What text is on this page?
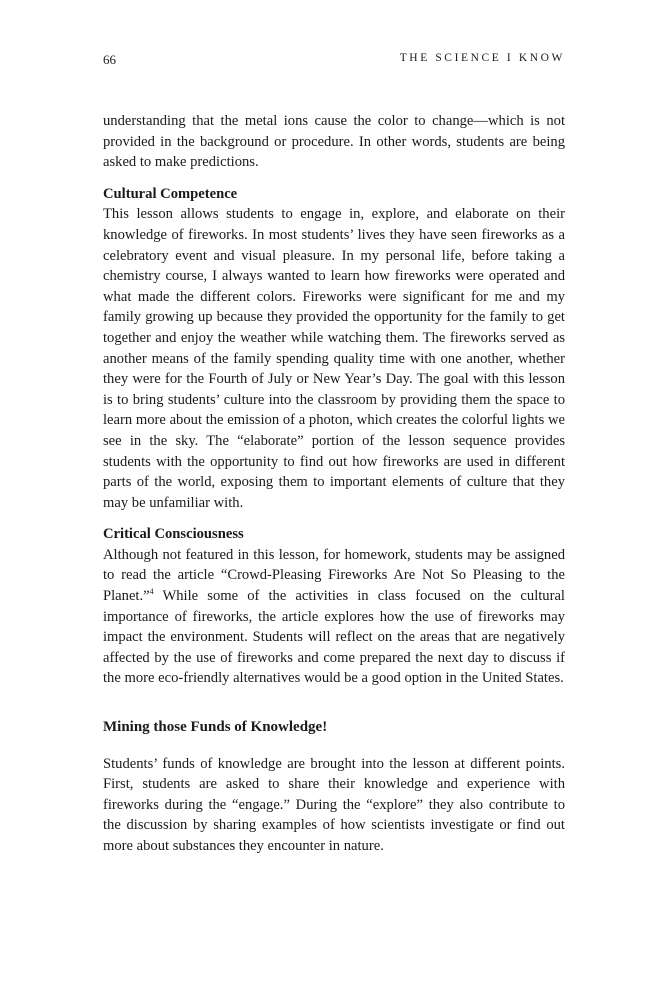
66	THE SCIENCE I KNOW

understanding that the metal ions cause the color to change—which is not provided in the background or procedure. In other words, students are being asked to make predictions.

Cultural Competence

This lesson allows students to engage in, explore, and elaborate on their knowledge of fireworks. In most students’ lives they have seen fireworks as a celebratory event and visual pleasure. In my personal life, before taking a chemistry course, I always wanted to learn how fireworks were operated and what made the different colors. Fireworks were significant for me and my family growing up because they provided the opportunity for the family to get together and enjoy the weather while watching them. The fireworks served as another means of the family spending quality time with one another, whether they were for the Fourth of July or New Year’s Day. The goal with this lesson is to bring students’ culture into the classroom by providing them the space to learn more about the emission of a photon, which creates the colorful lights we see in the sky. The “elaborate” portion of the lesson sequence provides students with the opportunity to find out how fireworks are used in different parts of the world, exposing them to important elements of culture that they may be unfamiliar with.

Critical Consciousness

Although not featured in this lesson, for homework, students may be assigned to read the article “Crowd-Pleasing Fireworks Are Not So Pleasing to the Planet.”$^4$ While some of the activities in class focused on the cultural importance of fireworks, the article explores how the use of fireworks may impact the environment. Students will reflect on the areas that are negatively affected by the use of fireworks and come prepared the next day to discuss if the more eco-friendly alternatives would be a good option in the United States.

Mining those Funds of Knowledge!

Students’ funds of knowledge are brought into the lesson at different points. First, students are asked to share their knowledge and experience with fireworks during the “engage.” During the “explore” they also contribute to the discussion by sharing examples of how scientists investigate or find out more about substances they encounter in nature.
